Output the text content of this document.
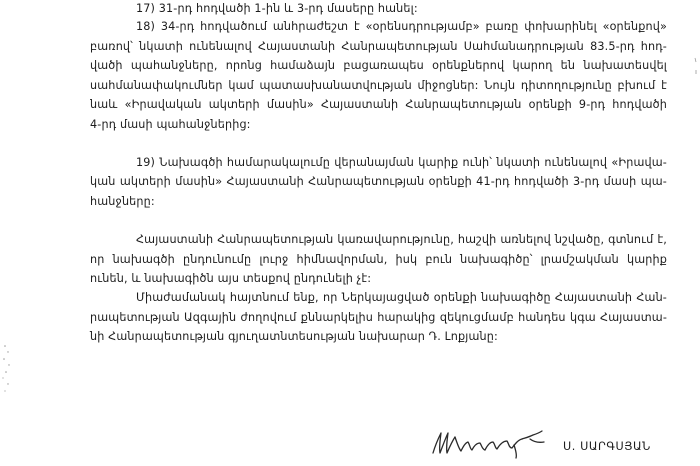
17) 31-րդ հոդվածի 1-ին և 3-րդ մասերը հանել:
18) 34-րդ հոդվածում անհրաժեշտ է «օրենսդրությամբ» բառը փոխարինել «օրենքով»
բառով՝ նկատի ունենալով Հայաստանի Հանրապետության Սահմանադրության 83.5-րդ հոդ-
վածի պահանջները, որոնց համաձայն բացառապես օրենքներով կարող են նախատեսվել
սահմանափակումներ կամ պատասխանատվության միջոցներ: Նույն դիտողությունը բխում է
նաև «Իրավական ակտերի մասին» Հայաստանի Հանրապետության օրենքի 9-րդ հոդվածի
4-րդ մասի պահանջներից:
19) Նախագծի համարակալումը վերանայման կարիք ունի՝ նկատի ունենալով «Իրավա-
կան ակտերի մասին» Հայաստանի Հանրապետության օրենքի 41-րդ հոդվածի 3-րդ մասի պա-
հանջները:
Հայաստանի Հանրապետության կառավարությունը, հաշվի առնելով նշվածը, գտնում է,
որ նախագծի ընդունումը լուրջ հիմնավորման, իսկ բուն նախագիծը՝ լրամշակման կարիք
ունեն, և նախագիծն այս տեսքով ընդունելի չէ:
Միաժամանակ հայտնում ենք, որ Ներկայացված օրենքի նախագիծը Հայաստանի Հան-
րապետության Ազգային ժողովում քննարկելիս հարակից զեկուցմամբ հանդես կգա Հայաստա-
նի Հանրապետության գյուղատնտեսության նախարար Դ. Լոքյանը:
Ս. ՍԱՐԳՍՅԱՆ
